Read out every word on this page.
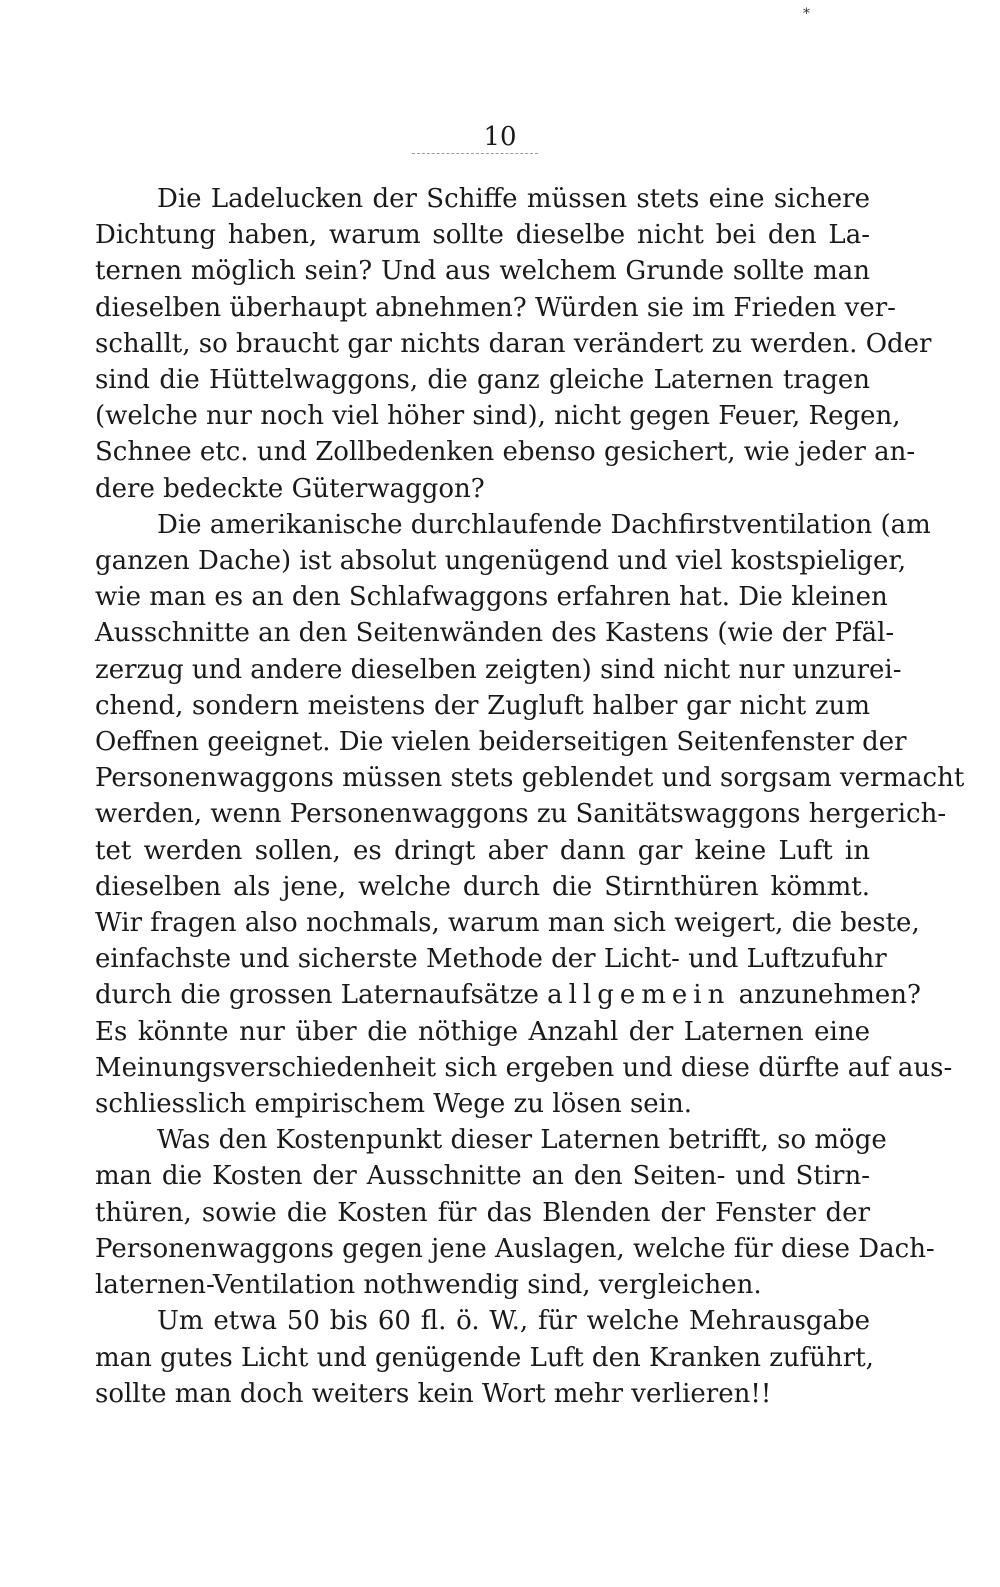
*
10

Die Ladelucken der Schiffe müssen stets eine sichere
Dichtung haben, warum sollte dieselbe nicht bei den La-
ternen möglich sein? Und aus welchem Grunde sollte man
dieselben überhaupt abnehmen? Würden sie im Frieden ver-
schallt, so braucht gar nichts daran verändert zu werden. Oder
sind die Hüttelwaggons, die ganz gleiche Laternen tragen
(welche nur noch viel höher sind), nicht gegen Feuer, Regen,
Schnee etc. und Zollbedenken ebenso gesichert, wie jeder an-
dere bedeckte Güterwaggon?

Die amerikanische durchlaufende Dachfirstventilation (am
ganzen Dache) ist absolut ungenügend und viel kostspieliger,
wie man es an den Schlafwaggons erfahren hat. Die kleinen
Ausschnitte an den Seitenwänden des Kastens (wie der Pfäl-
zerzug und andere dieselben zeigten) sind nicht nur unzurei-
chend, sondern meistens der Zugluft halber gar nicht zum
Oeffnen geeignet. Die vielen beiderseitigen Seitenfenster der
Personenwaggons müssen stets geblendet und sorgsam vermacht
werden, wenn Personenwaggons zu Sanitätswaggons hergerich-
tet werden sollen, es dringt aber dann gar keine Luft in
dieselben als jene, welche durch die Stirnthüren kömmt.
Wir fragen also nochmals, warum man sich weigert, die beste,
einfachste und sicherste Methode der Licht- und Luftzufuhr
durch die grossen Laternaufsätze allgemein anzunehmen?
Es könnte nur über die nöthige Anzahl der Laternen eine
Meinungsverschiedenheit sich ergeben und diese dürfte auf aus-
schliesslich empirischem Wege zu lösen sein.

Was den Kostenpunkt dieser Laternen betrifft, so möge
man die Kosten der Ausschnitte an den Seiten- und Stirn-
thüren, sowie die Kosten für das Blenden der Fenster der
Personenwaggons gegen jene Auslagen, welche für diese Dach-
laternen-Ventilation nothwendig sind, vergleichen.

Um etwa 50 bis 60 fl. ö. W., für welche Mehrausgabe
man gutes Licht und genügende Luft den Kranken zuführt,
sollte man doch weiters kein Wort mehr verlieren!!
